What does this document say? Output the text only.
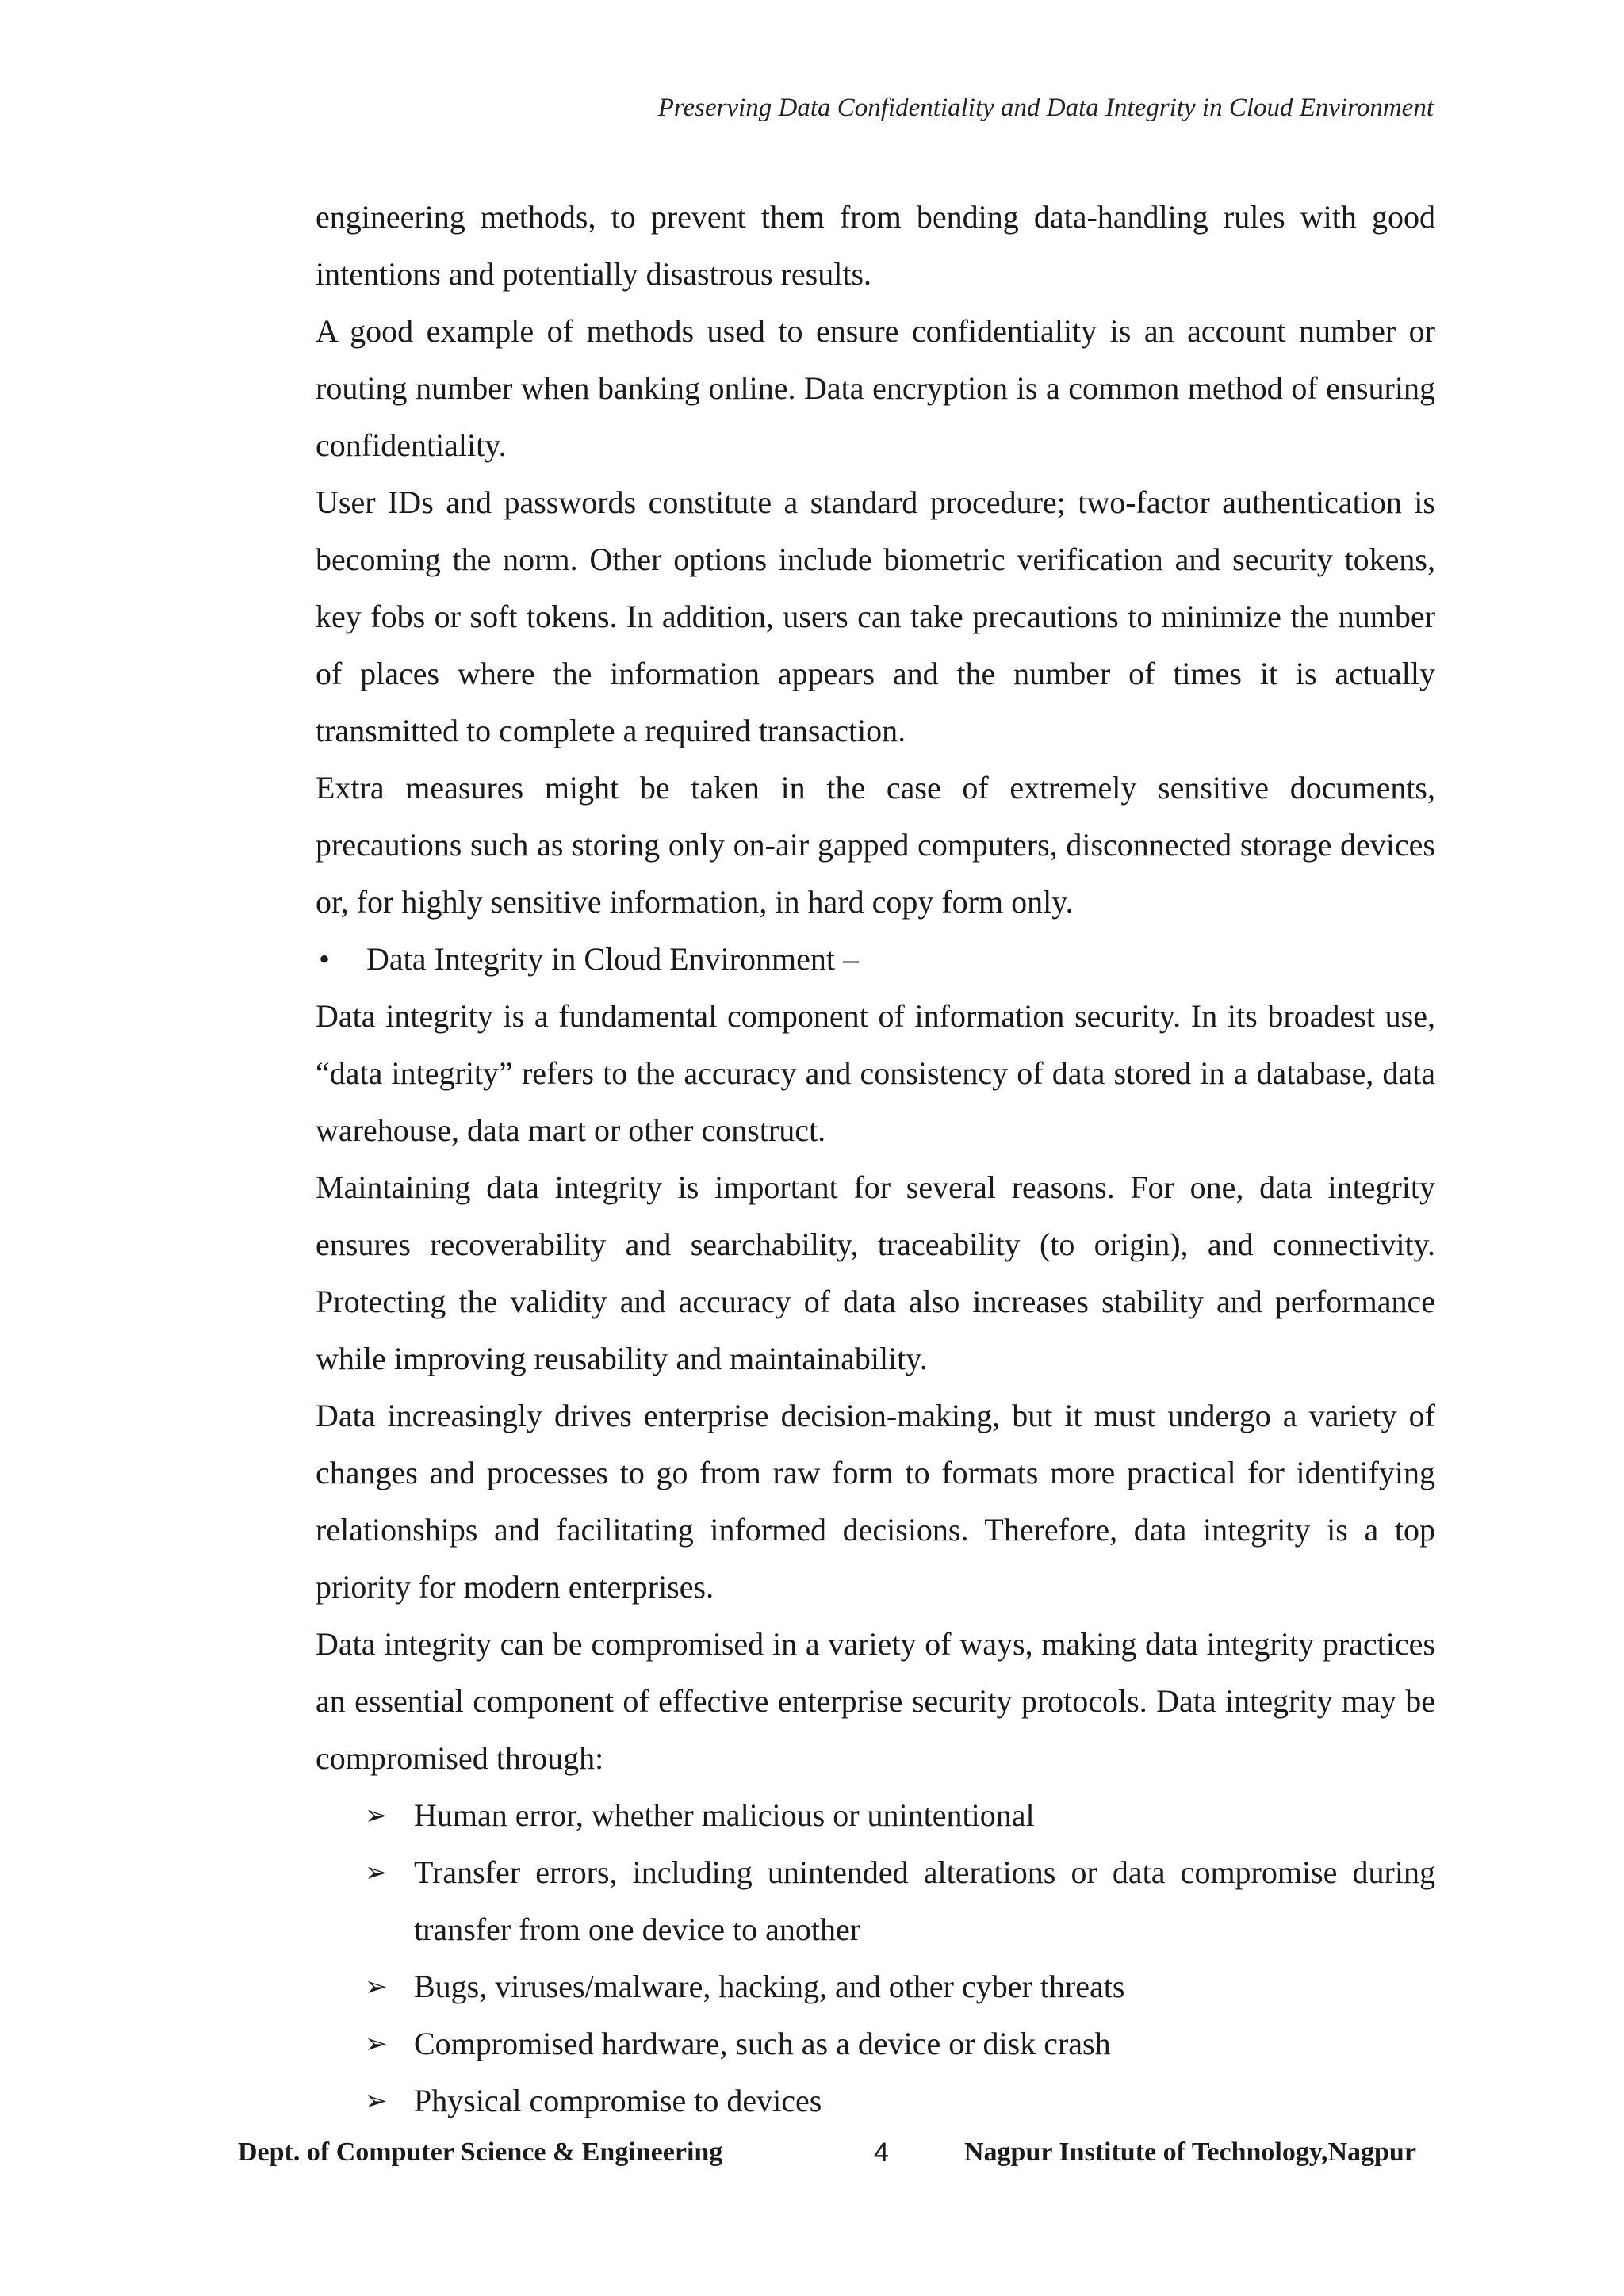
Preserving Data Confidentiality and Data Integrity in Cloud Environment

engineering methods, to prevent them from bending data-handling rules with good intentions and potentially disastrous results.

A good example of methods used to ensure confidentiality is an account number or routing number when banking online. Data encryption is a common method of ensuring confidentiality.

User IDs and passwords constitute a standard procedure; two-factor authentication is becoming the norm. Other options include biometric verification and security tokens, key fobs or soft tokens. In addition, users can take precautions to minimize the number of places where the information appears and the number of times it is actually transmitted to complete a required transaction.

Extra measures might be taken in the case of extremely sensitive documents, precautions such as storing only on-air gapped computers, disconnected storage devices or, for highly sensitive information, in hard copy form only.

• Data Integrity in Cloud Environment –

Data integrity is a fundamental component of information security. In its broadest use, “data integrity” refers to the accuracy and consistency of data stored in a database, data warehouse, data mart or other construct.

Maintaining data integrity is important for several reasons. For one, data integrity ensures recoverability and searchability, traceability (to origin), and connectivity. Protecting the validity and accuracy of data also increases stability and performance while improving reusability and maintainability.

Data increasingly drives enterprise decision-making, but it must undergo a variety of changes and processes to go from raw form to formats more practical for identifying relationships and facilitating informed decisions. Therefore, data integrity is a top priority for modern enterprises.

Data integrity can be compromised in a variety of ways, making data integrity practices an essential component of effective enterprise security protocols. Data integrity may be compromised through:

➢ Human error, whether malicious or unintentional
➢ Transfer errors, including unintended alterations or data compromise during transfer from one device to another
➢ Bugs, viruses/malware, hacking, and other cyber threats
➢ Compromised hardware, such as a device or disk crash
➢ Physical compromise to devices
Dept. of Computer Science & Engineering	4	Nagpur Institute of Technology,Nagpur
